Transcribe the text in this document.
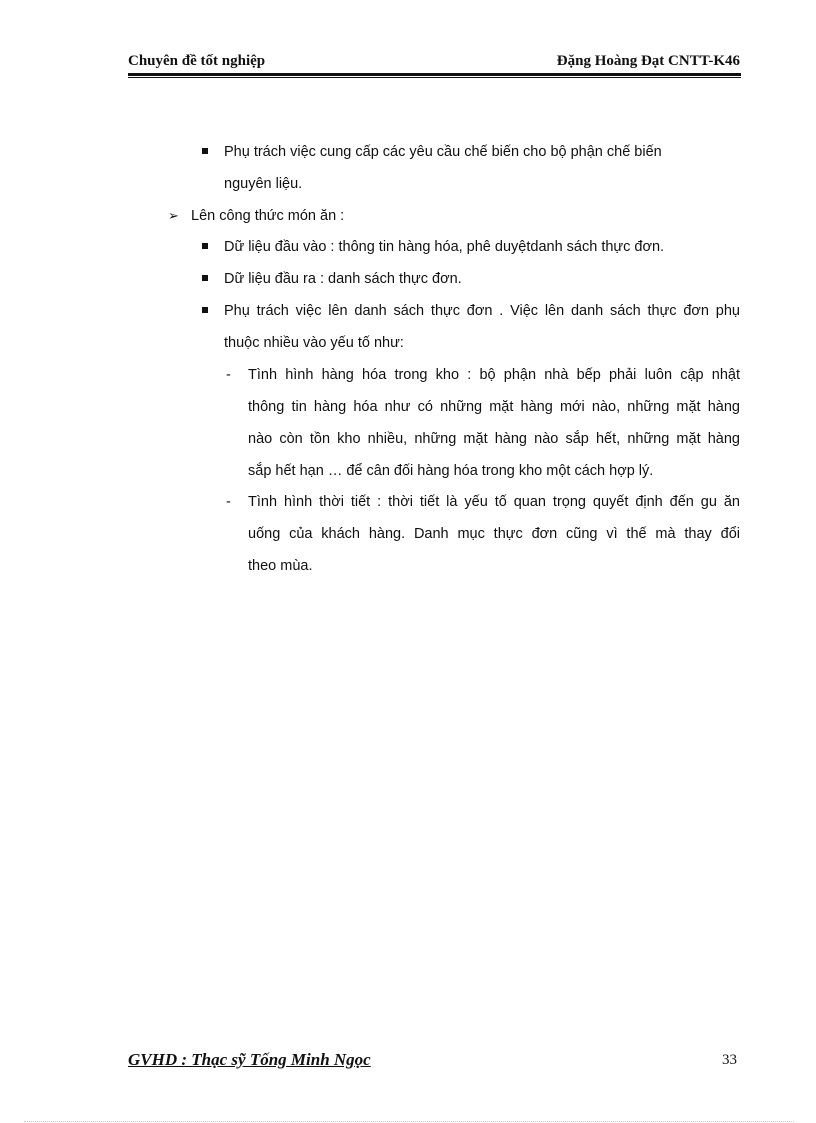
Chuyên đề tốt nghiệp	Đặng Hoàng Đạt CNTT-K46
Phụ trách việc cung cấp các yêu cầu chế biến cho bộ phận chế biến
nguyên liệu.
➢ Lên công thức món ăn :
Dữ liệu đầu vào : thông tin hàng hóa, phê duyệtdanh sách thực đơn.
Dữ liệu đầu ra : danh sách thực đơn.
Phụ trách việc lên danh sách thực đơn . Việc lên danh sách thực đơn phụ
thuộc nhiều vào yếu tố như:
- Tình hình hàng hóa trong kho : bộ phận nhà bếp phải luôn cập nhật
thông tin hàng hóa như có những mặt hàng mới nào, những mặt hàng
nào còn tồn kho nhiều, những mặt hàng nào sắp hết, những mặt hàng
sắp hết hạn … để cân đối hàng hóa trong kho một cách hợp lý.
- Tình hình thời tiết : thời tiết là yếu tố quan trọng quyết định đến gu ăn
uống của khách hàng. Danh mục thực đơn cũng vì thế mà thay đổi
theo mùa.
GVHD : Thạc sỹ Tống Minh Ngọc	33
